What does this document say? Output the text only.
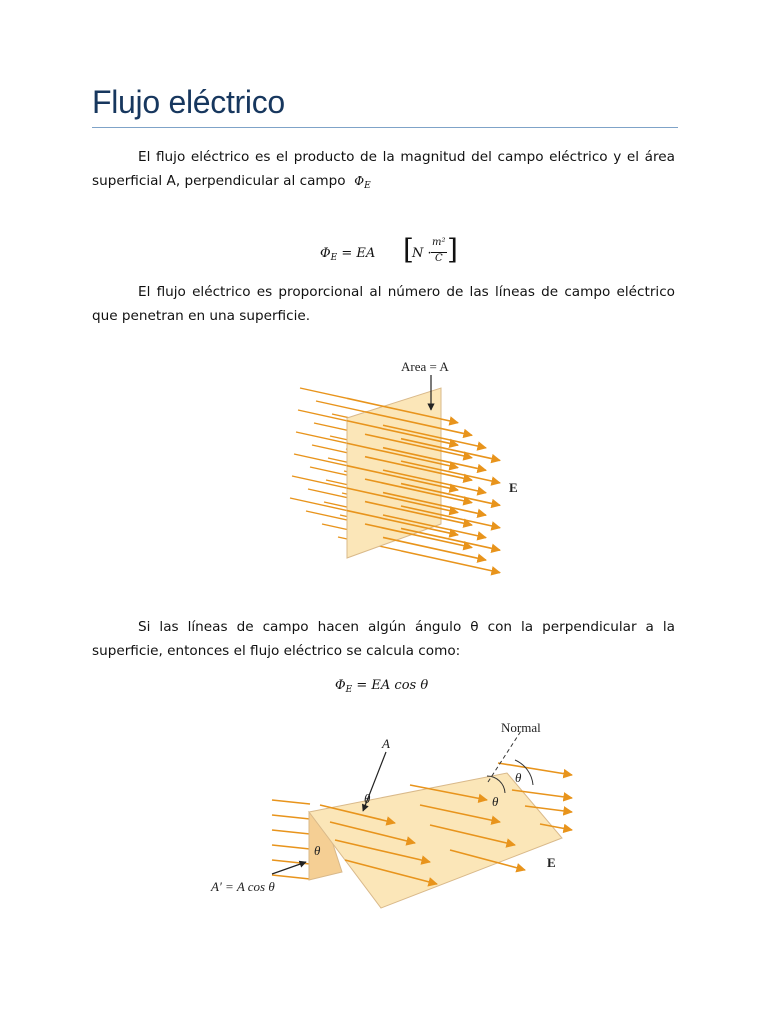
Flujo eléctrico

El flujo eléctrico es el producto de la magnitud del campo eléctrico y el área superficial A, perpendicular al campo $\Phi_E$

$\Phi_E$ = EA [
N ·
m²
C ]

El flujo eléctrico es proporcional al número de las líneas de campo eléctrico que penetran en una superficie.

Area = A
E

Si las líneas de campo hacen algún ángulo θ con la perpendicular a la superficie, entonces el flujo eléctrico se calcula como:

$\Phi_E$ = EA cos θ
Normal
A
A′ = A cos θ
θ
θ
θ
θ
E
